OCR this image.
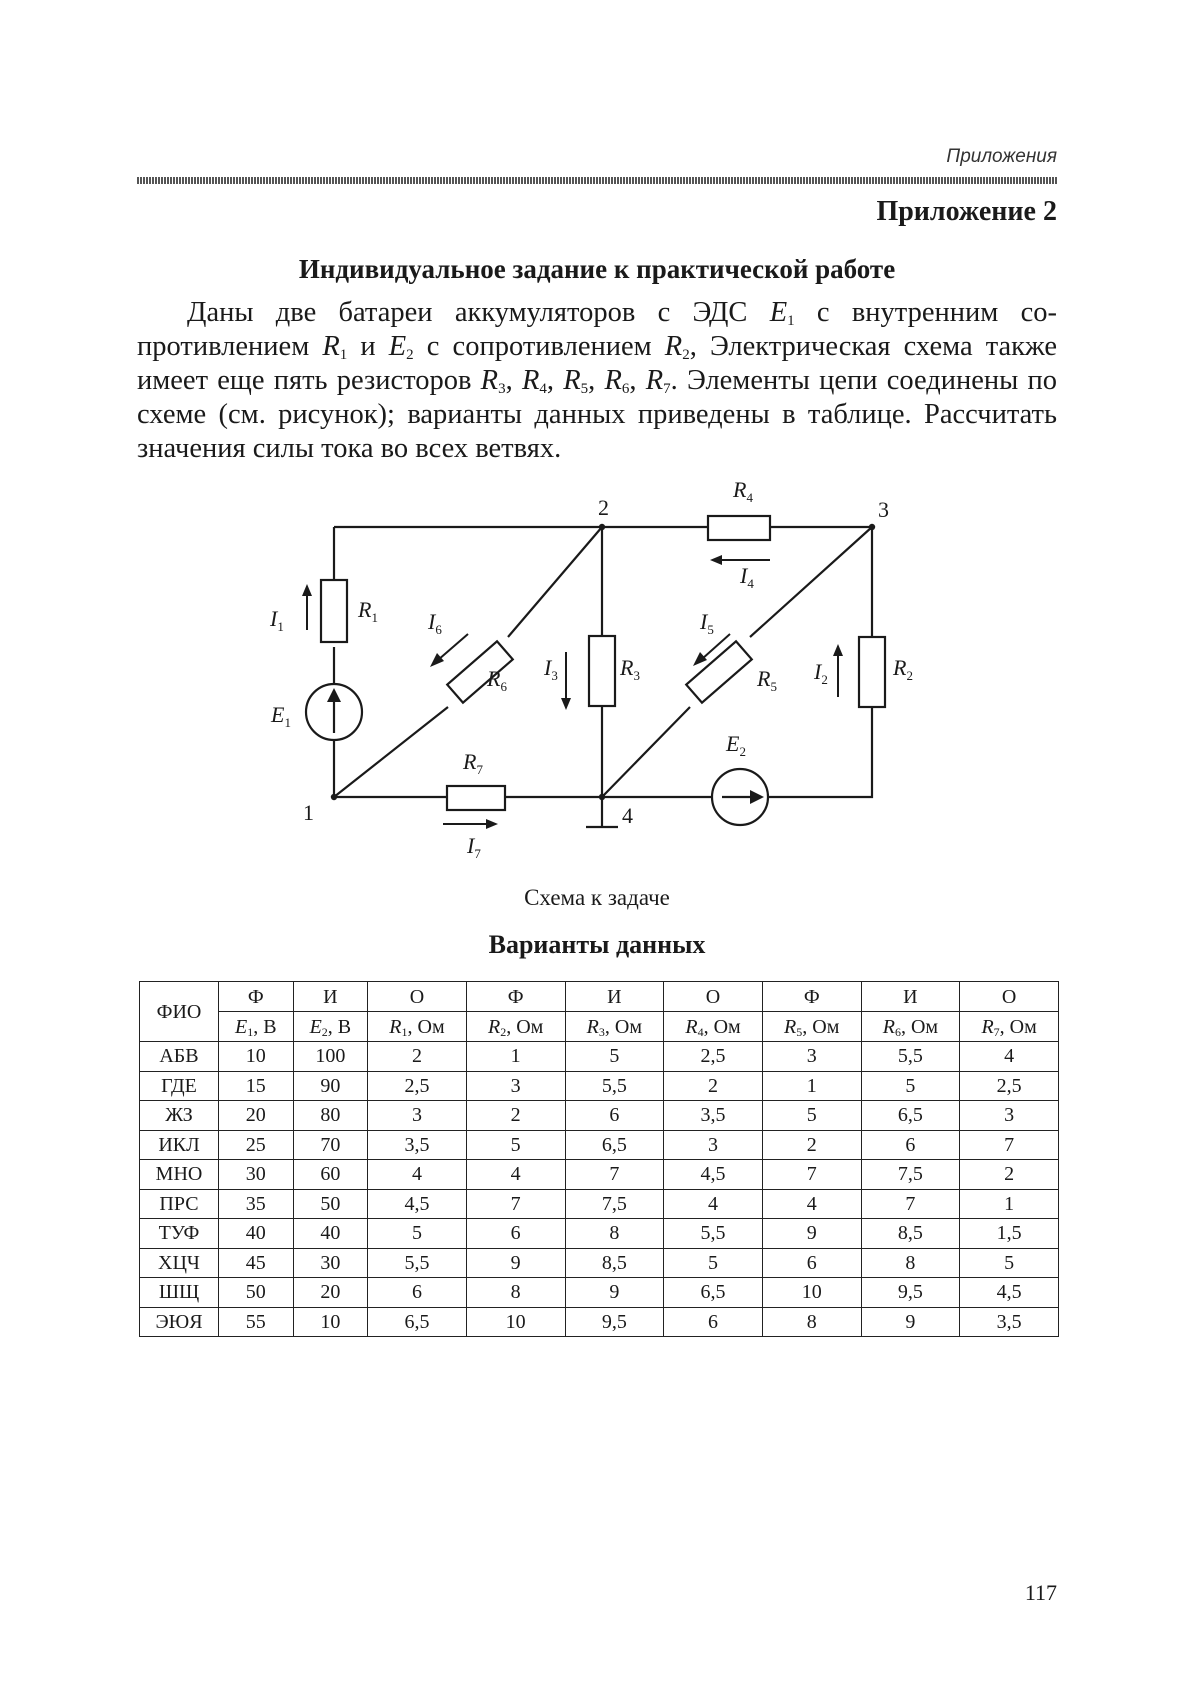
Приложения
Приложение 2
Индивидуальное задание к практической работе

Даны две батареи аккумуляторов с ЭДС $E_1$ с внутренним сопротивлением $R_1$ и $E_2$ с сопротивлением $R_2$, Электрическая схема также имеет еще пять резисторов $R_3$, $R_4$, $R_5$, $R_6$, $R_7$. Элементы цепи соединены по схеме (см. рисунок); варианты данных приведены в таблице. Рассчитать значения силы тока во всех ветвях.

2	3
1	4
$R_1$
$R_3$	$R_2$
$R_4$
$R_7$
$R_6$	$R_5$
$E_1$
$E_2$
$I_1$
$I_3$	$I_2$
$I_4$
$I_7$
$I_6$	$I_5$
Схема к задаче
Варианты данных
ФИО	Ф	И	О	Ф	И	О	Ф	И	О
	$E_1$, В	$E_2$, В	$R_1$, Ом	$R_2$, Ом	$R_3$, Ом	$R_4$, Ом	$R_5$, Ом	$R_6$, Ом	$R_7$, Ом
АБВ	10	100	2	1	5	2,5	3	5,5	4
ГДЕ	15	90	2,5	3	5,5	2	1	5	2,5
ЖЗ	20	80	3	2	6	3,5	5	6,5	3
ИКЛ	25	70	3,5	5	6,5	3	2	6	7
МНО	30	60	4	4	7	4,5	7	7,5	2
ПРС	35	50	4,5	7	7,5	4	4	7	1
ТУФ	40	40	5	6	8	5,5	9	8,5	1,5
ХЦЧ	45	30	5,5	9	8,5	5	6	8	5
ШЩ	50	20	6	8	9	6,5	10	9,5	4,5
ЭЮЯ	55	10	6,5	10	9,5	6	8	9	3,5
117
